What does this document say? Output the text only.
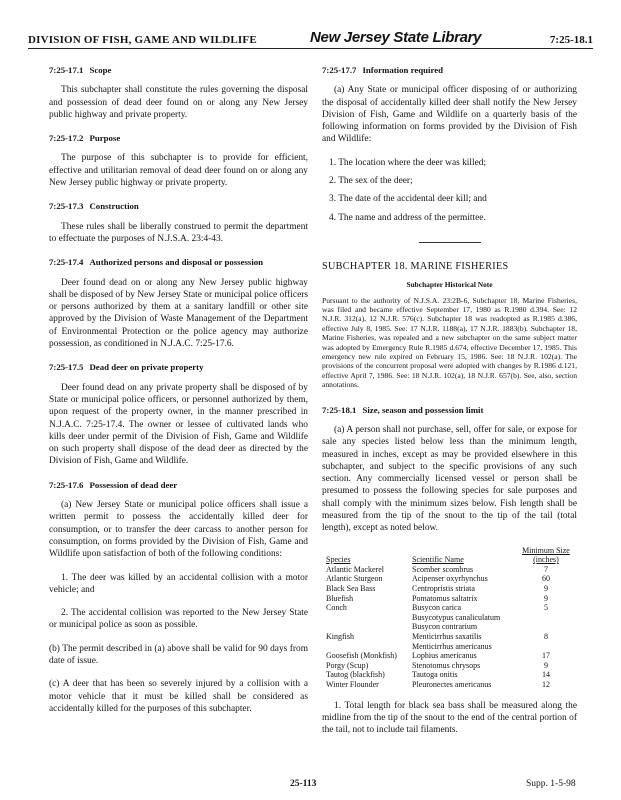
DIVISION OF FISH, GAME AND WILDLIFE	New Jersey State Library	7:25-18.1
7:25-17.1 Scope

This subchapter shall constitute the rules governing the disposal and possession of dead deer found on or along any New Jersey public highway and private property.

7:25-17.2 Purpose

The purpose of this subchapter is to provide for efficient, effective and utilitarian removal of dead deer found on or along any New Jersey public highway or private property.

7:25-17.3 Construction

These rules shall be liberally construed to permit the department to effectuate the purposes of N.J.S.A. 23:4-43.

7:25-17.4 Authorized persons and disposal or possession

Deer found dead on or along any New Jersey public highway shall be disposed of by New Jersey State or municipal police officers or persons authorized by them at a sanitary landfill or other site approved by the Division of Waste Management of the Department of Environmental Protection or the police agency may authorize possession, as conditioned in N.J.A.C. 7:25-17.6.

7:25-17.5 Dead deer on private property

Deer found dead on any private property shall be disposed of by State or municipal police officers, or personnel authorized by them, upon request of the property owner, in the manner prescribed in N.J.A.C. 7:25-17.4. The owner or lessee of cultivated lands who kills deer under permit of the Division of Fish, Game and Wildlife on such property shall dispose of the dead deer as directed by the Division of Fish, Game and Wildlife.

7:25-17.6 Possession of dead deer

(a) New Jersey State or municipal police officers shall issue a written permit to possess the accidentally killed deer for consumption, or to transfer the deer carcass to another person for consumption, on forms provided by the Division of Fish, Game and Wildlife upon satisfaction of both of the following conditions:

1. The deer was killed by an accidental collision with a motor vehicle; and

2. The accidental collision was reported to the New Jersey State or municipal police as soon as possible.

(b) The permit described in (a) above shall be valid for 90 days from date of issue.

(c) A deer that has been so severely injured by a collision with a motor vehicle that it must be killed shall be considered as accidentally killed for the purposes of this subchapter.

7:25-17.7 Information required

(a) Any State or municipal officer disposing of or authorizing the disposal of accidentally killed deer shall notify the New Jersey Division of Fish, Game and Wildlife on a quarterly basis of the following information on forms provided by the Division of Fish and Wildlife:

1. The location where the deer was killed;
2. The sex of the deer;
3. The date of the accidental deer kill; and
4. The name and address of the permittee.
SUBCHAPTER 18. MARINE FISHERIES
Subchapter Historical Note
Pursuant to the authority of N.J.S.A. 23:2B-6, Subchapter 18, Marine Fisheries, was filed and became effective September 17, 1980 as R.1980 d.394. See: 12 N.J.R. 312(a), 12 N.J.R. 576(c). Subchapter 18 was readopted as R.1985 d.386, effective July 8, 1985. See: 17 N.J.R. 1188(a), 17 N.J.R. 1883(b). Subchapter 18, Marine Fisheries, was repealed and a new subchapter on the same subject matter was adopted by Emergency Rule R.1985 d.674, effective December 17, 1985. This emergency new rule expired on February 15, 1986. See: 18 N.J.R. 102(a). The provisions of the concurrent proposal were adopted with changes by R.1986 d.121, effective April 7, 1986. See: 18 N.J.R. 102(a), 18 N.J.R. 657(b). See, also, section annotations.
7:25-18.1 Size, season and possession limit

(a) A person shall not purchase, sell, offer for sale, or expose for sale any species listed below less than the minimum length, measured in inches, except as may be provided elsewhere in this subchapter, and subject to the specific provisions of any such section. Any commercially licensed vessel or person shall be presumed to possess the following species for sale purposes and shall comply with the minimum sizes below. Fish length shall be measured from the tip of the snout to the tip of the tail (total length), except as noted below.

Species	Scientific Name	Minimum Size
(inches)
Atlantic Mackerel	Scomber scombrus	7
Atlantic Sturgeon	Acipenser oxyrhynchus	60
Black Sea Bass	Centropristis striata	9
Bluefish	Pomatomus saltatrix	9
Conch	Busycon carica	5
	Busycotypus canaliculatum	
	Busycon contrarium	
Kingfish	Menticirrhus saxatilis	8
	Menticirrhus americanus	
Goosefish (Monkfish)	Lophius americanus	17
Porgy (Scup)	Stenotomus chrysops	9
Tautog (blackfish)	Tautoga onitis	14
Winter Flounder	Pleuronectes americanus	12

1. Total length for black sea bass shall be measured along the midline from the tip of the snout to the end of the central portion of the tail, not to include tail filaments.

25-113	Supp. 1-5-98
